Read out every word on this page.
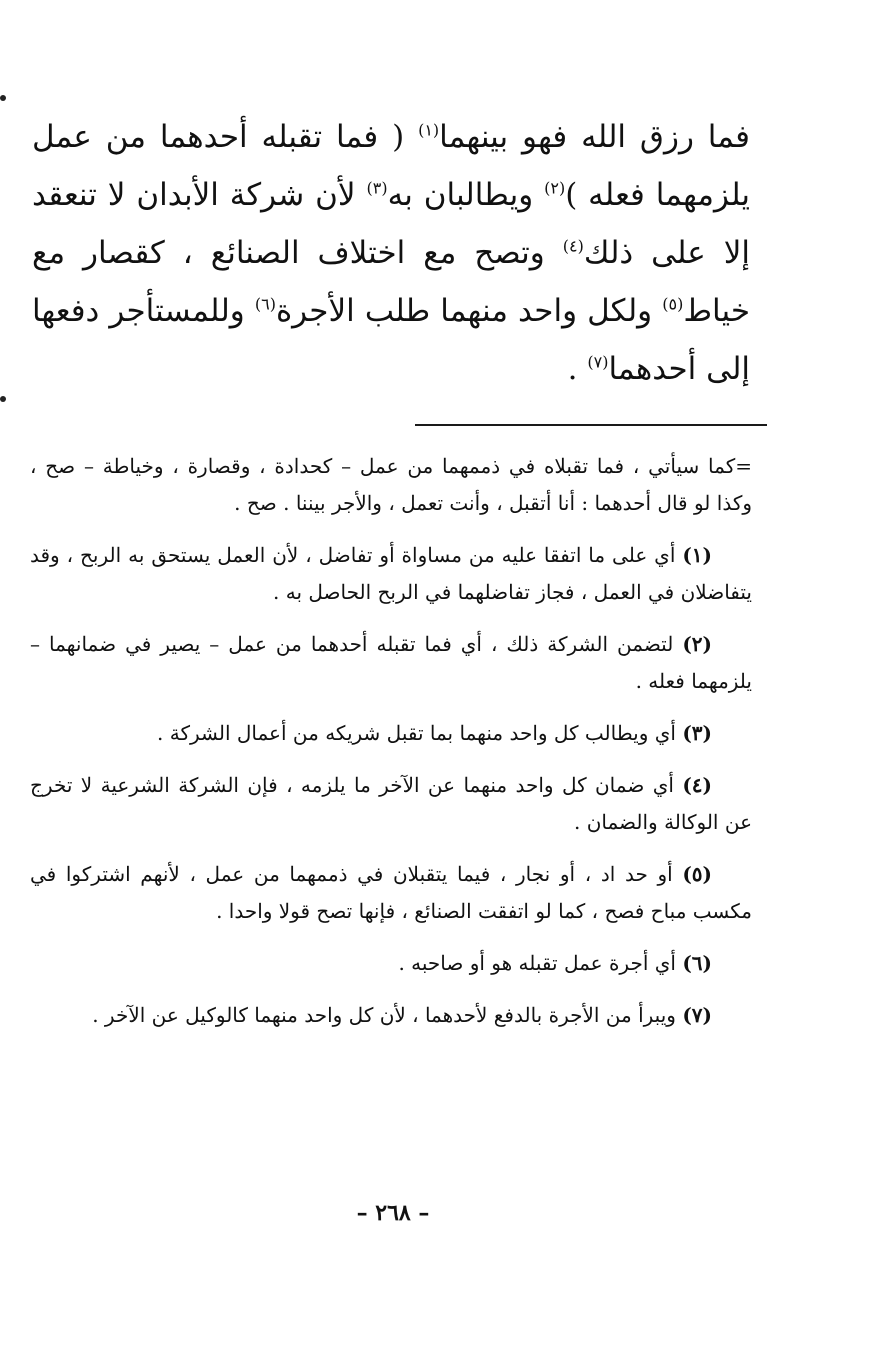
فما رزق الله فهو بينهما$^{(١)}$ ( فما تقبله أحدهما من عمل يلزمهما فعله )$^{(٢)}$ ويطالبان به$^{(٣)}$ لأن شركة الأبدان لا تنعقد إلا على ذلك$^{(٤)}$ وتصح مع اختلاف الصنائع ، كقصار مع خياط$^{(٥)}$ ولكل واحد منهما طلب الأجرة$^{(٦)}$ وللمستأجر دفعها إلى أحدهما$^{(٧)}$ .

=كما سيأتي ، فما تقبلاه في ذممهما من عمل – كحدادة ، وقصارة ، وخياطة – صح ، وكذا لو قال أحدهما : أنا أتقبل ، وأنت تعمل ، والأجر بيننا . صح .

(١) أي على ما اتفقا عليه من مساواة أو تفاضل ، لأن العمل يستحق به الربح ، وقد يتفاضلان في العمل ، فجاز تفاضلهما في الربح الحاصل به .

(٢) لتضمن الشركة ذلك ، أي فما تقبله أحدهما من عمل – يصير في ضمانهما – يلزمهما فعله .

(٣) أي ويطالب كل واحد منهما بما تقبل شريكه من أعمال الشركة .

(٤) أي ضمان كل واحد منهما عن الآخر ما يلزمه ، فإن الشركة الشرعية لا تخرج عن الوكالة والضمان .

(٥) أو حد اد ، أو نجار ، فيما يتقبلان في ذممهما من عمل ، لأنهم اشتركوا في مكسب مباح فصح ، كما لو اتفقت الصنائع ، فإنها تصح قولا واحدا .

(٦) أي أجرة عمل تقبله هو أو صاحبه .

(٧) ويبرأ من الأجرة بالدفع لأحدهما ، لأن كل واحد منهما كالوكيل عن الآخر .

– ٢٦٨ –
